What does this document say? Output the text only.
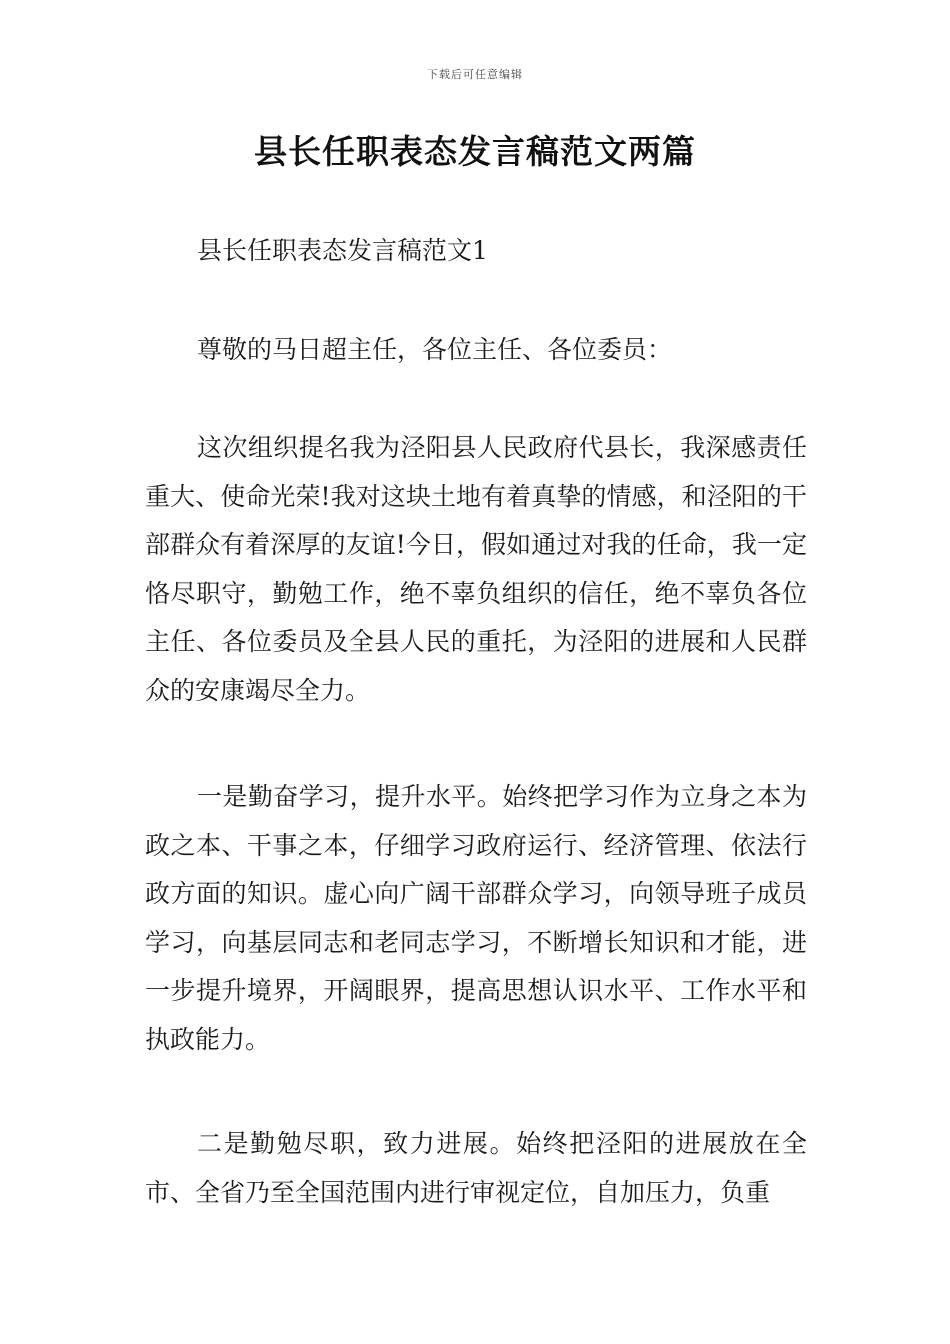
下载后可任意编辑
县长任职表态发言稿范文两篇

县长任职表态发言稿范文1

尊敬的马日超主任，各位主任、各位委员：

这次组织提名我为泾阳县人民政府代县长，我深感责任重大、使命光荣!我对这块土地有着真挚的情感，和泾阳的干部群众有着深厚的友谊!今日，假如通过对我的任命，我一定恪尽职守，勤勉工作，绝不辜负组织的信任，绝不辜负各位主任、各位委员及全县人民的重托，为泾阳的进展和人民群众的安康竭尽全力。

一是勤奋学习，提升水平。始终把学习作为立身之本为政之本、干事之本，仔细学习政府运行、经济管理、依法行政方面的知识。虚心向广阔干部群众学习，向领导班子成员学习，向基层同志和老同志学习，不断增长知识和才能，进一步提升境界，开阔眼界，提高思想认识水平、工作水平和执政能力。

二是勤勉尽职，致力进展。始终把泾阳的进展放在全市、全省乃至全国范围内进行审视定位，自加压力，负重
